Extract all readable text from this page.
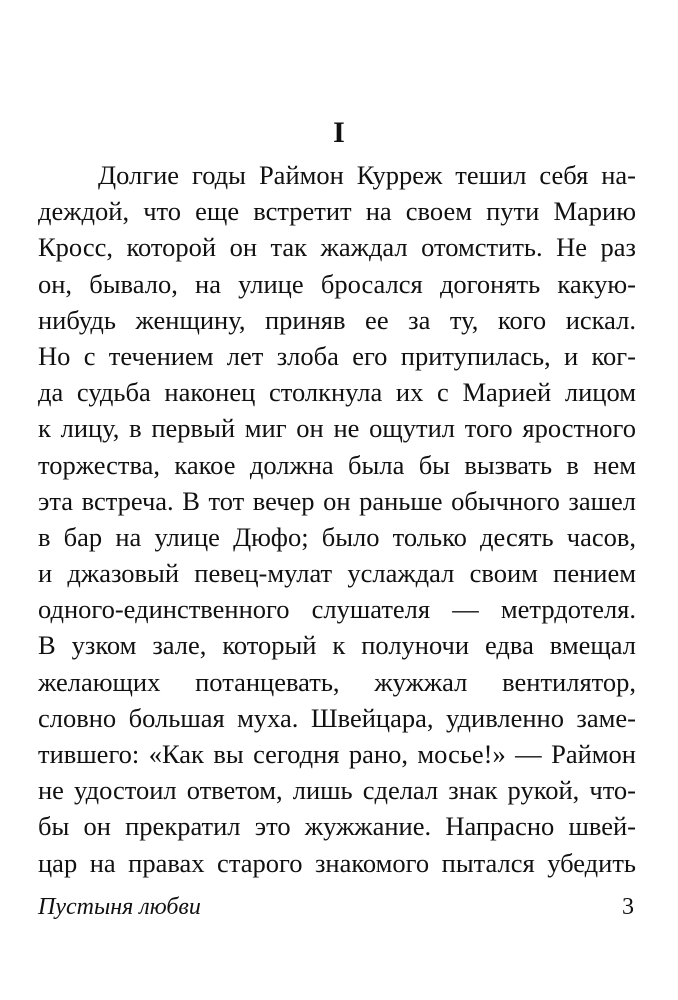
I
Долгие годы Раймон Курреж тешил себя на-
деждой, что еще встретит на своем пути Марию
Кросс, которой он так жаждал отомстить. Не раз
он, бывало, на улице бросался догонять какую-
нибудь женщину, приняв ее за ту, кого искал.
Но с течением лет злоба его притупилась, и ког-
да судьба наконец столкнула их с Марией лицом
к лицу, в первый миг он не ощутил того яростного
торжества, какое должна была бы вызвать в нем
эта встреча. В тот вечер он раньше обычного зашел
в бар на улице Дюфо; было только десять часов,
и джазовый певец-мулат услаждал своим пением
одного-единственного слушателя — метрдотеля.
В узком зале, который к полуночи едва вмещал
желающих потанцевать, жужжал вентилятор,
словно большая муха. Швейцара, удивленно заме-
тившего: «Как вы сегодня рано, мосье!» — Раймон
не удостоил ответом, лишь сделал знак рукой, что-
бы он прекратил это жужжание. Напрасно швей-
цар на правах старого знакомого пытался убедить
Пустыня любви	3
